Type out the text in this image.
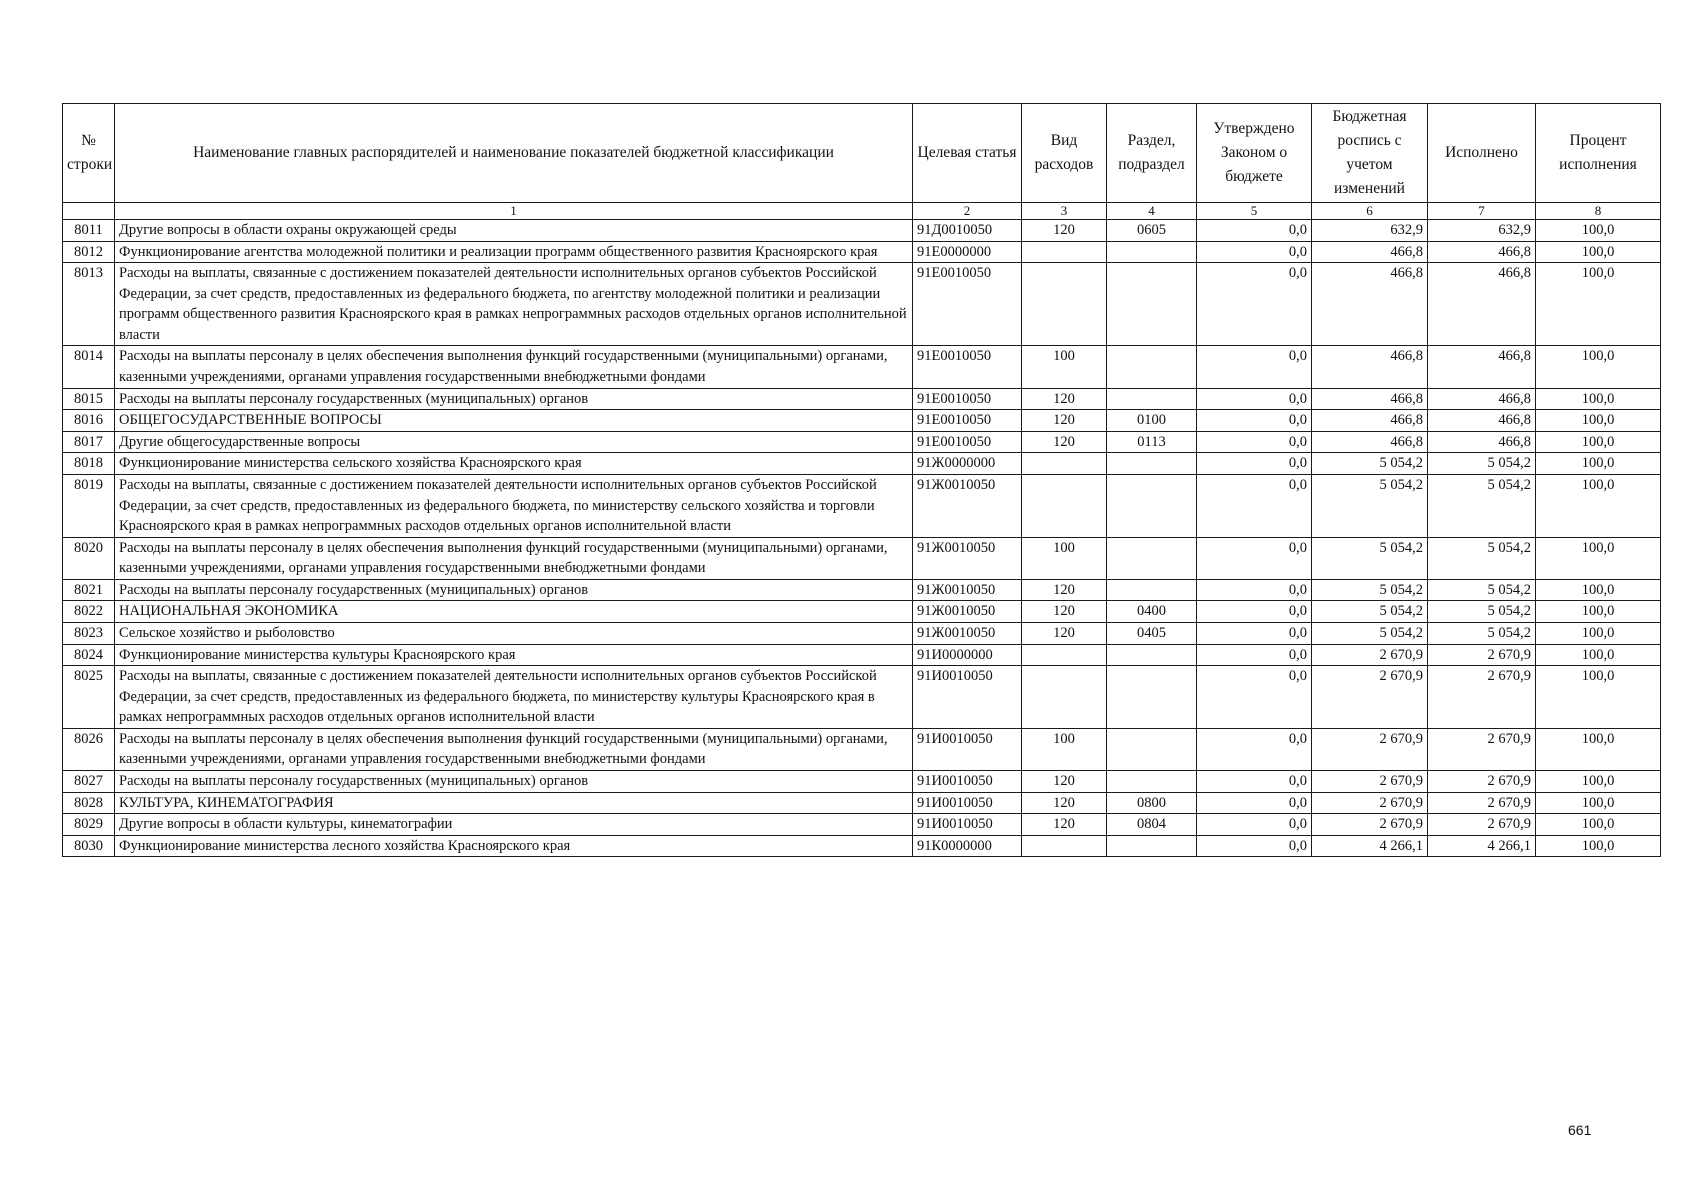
№ строки	Наименование главных распорядителей и наименование показателей бюджетной классификации	Целевая статья	Вид расходов	Раздел, подраздел	Утверждено Законом о бюджете	Бюджетная роспись с учетом изменений	Исполнено	Процент исполнения
	1	2	3	4	5	6	7	8
8011	Другие вопросы в области охраны окружающей среды	91Д0010050	120	0605	0,0	632,9	632,9	100,0
8012	Функционирование агентства молодежной политики и реализации программ общественного развития Красноярского края	91Е0000000			0,0	466,8	466,8	100,0
8013	Расходы на выплаты, связанные с достижением показателей деятельности исполнительных органов субъектов Российской Федерации, за счет средств, предоставленных из федерального бюджета, по агентству молодежной политики и реализации программ общественного развития Красноярского края в рамках непрограммных расходов отдельных органов исполнительной власти	91Е0010050			0,0	466,8	466,8	100,0
8014	Расходы на выплаты персоналу в целях обеспечения выполнения функций государственными (муниципальными) органами, казенными учреждениями, органами управления государственными внебюджетными фондами	91Е0010050	100		0,0	466,8	466,8	100,0
8015	Расходы на выплаты персоналу государственных (муниципальных) органов	91Е0010050	120		0,0	466,8	466,8	100,0
8016	ОБЩЕГОСУДАРСТВЕННЫЕ ВОПРОСЫ	91Е0010050	120	0100	0,0	466,8	466,8	100,0
8017	Другие общегосударственные вопросы	91Е0010050	120	0113	0,0	466,8	466,8	100,0
8018	Функционирование министерства сельского хозяйства Красноярского края	91Ж0000000			0,0	5 054,2	5 054,2	100,0
8019	Расходы на выплаты, связанные с достижением показателей деятельности исполнительных органов субъектов Российской Федерации, за счет средств, предоставленных из федерального бюджета, по министерству сельского хозяйства и торговли Красноярского края в рамках непрограммных расходов отдельных органов исполнительной власти	91Ж0010050			0,0	5 054,2	5 054,2	100,0
8020	Расходы на выплаты персоналу в целях обеспечения выполнения функций государственными (муниципальными) органами, казенными учреждениями, органами управления государственными внебюджетными фондами	91Ж0010050	100		0,0	5 054,2	5 054,2	100,0
8021	Расходы на выплаты персоналу государственных (муниципальных) органов	91Ж0010050	120		0,0	5 054,2	5 054,2	100,0
8022	НАЦИОНАЛЬНАЯ ЭКОНОМИКА	91Ж0010050	120	0400	0,0	5 054,2	5 054,2	100,0
8023	Сельское хозяйство и рыболовство	91Ж0010050	120	0405	0,0	5 054,2	5 054,2	100,0
8024	Функционирование министерства культуры Красноярского края	91И0000000			0,0	2 670,9	2 670,9	100,0
8025	Расходы на выплаты, связанные с достижением показателей деятельности исполнительных органов субъектов Российской Федерации, за счет средств, предоставленных из федерального бюджета, по министерству культуры Красноярского края в рамках непрограммных расходов отдельных органов исполнительной власти	91И0010050			0,0	2 670,9	2 670,9	100,0
8026	Расходы на выплаты персоналу в целях обеспечения выполнения функций государственными (муниципальными) органами, казенными учреждениями, органами управления государственными внебюджетными фондами	91И0010050	100		0,0	2 670,9	2 670,9	100,0
8027	Расходы на выплаты персоналу государственных (муниципальных) органов	91И0010050	120		0,0	2 670,9	2 670,9	100,0
8028	КУЛЬТУРА, КИНЕМАТОГРАФИЯ	91И0010050	120	0800	0,0	2 670,9	2 670,9	100,0
8029	Другие вопросы в области культуры, кинематографии	91И0010050	120	0804	0,0	2 670,9	2 670,9	100,0
8030	Функционирование министерства лесного хозяйства Красноярского края	91К0000000			0,0	4 266,1	4 266,1	100,0
661
